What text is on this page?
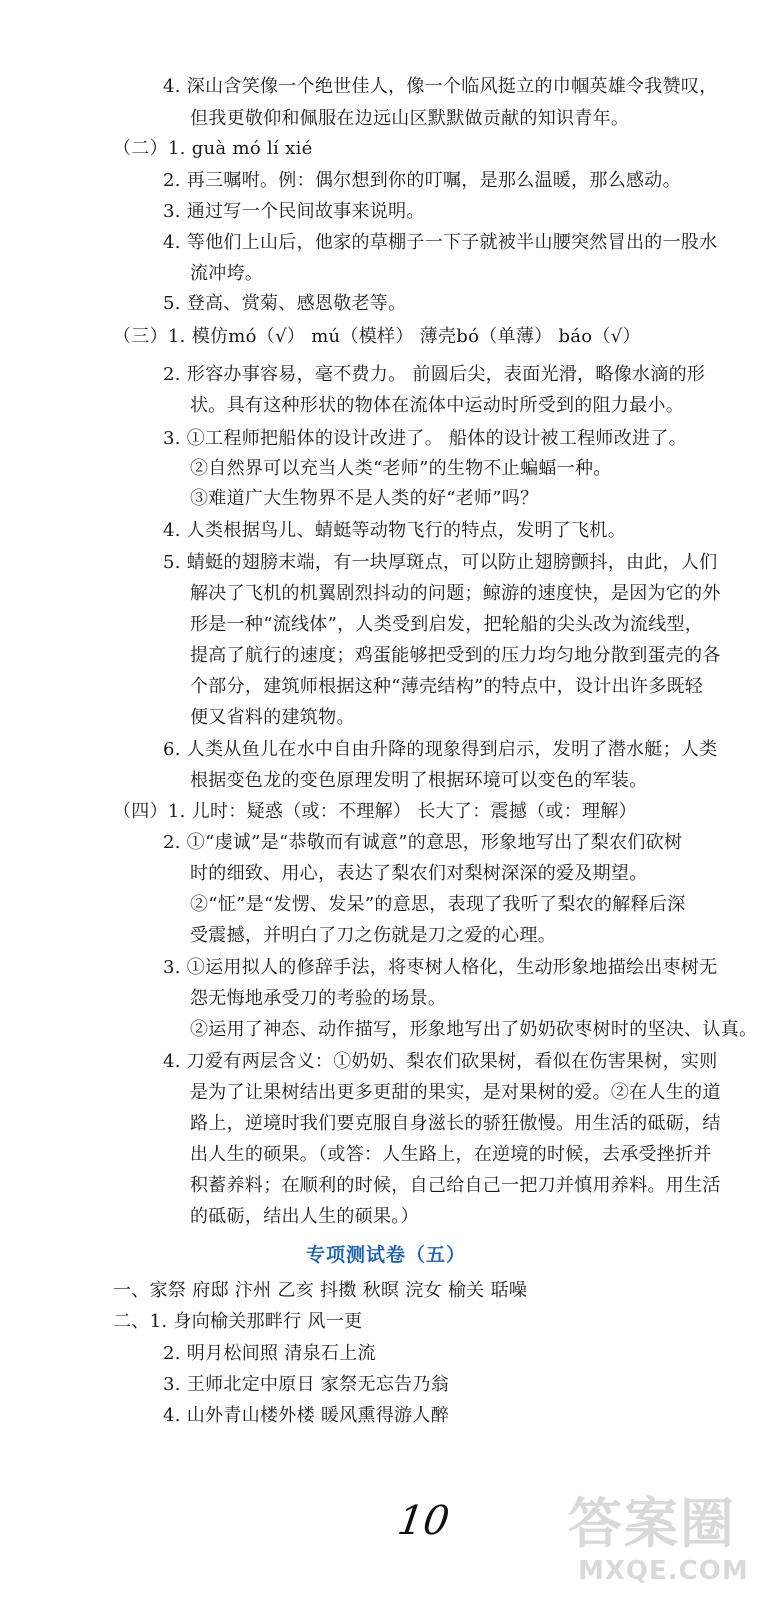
4. 深山含笑像一个绝世佳人，像一个临风挺立的巾帼英雄令我赞叹，
但我更敬仰和佩服在边远山区默默做贡献的知识青年。
（二）1. guà mó lí xié
2. 再三嘱咐。例：偶尔想到你的叮嘱，是那么温暖，那么感动。
3. 通过写一个民间故事来说明。
4. 等他们上山后，他家的草棚子一下子就被半山腰突然冒出的一股水
流冲垮。
5. 登高、赏菊、感恩敬老等。
（三）1. 模仿mó（√） mú（模样） 薄壳bó（单薄） báo（√）
2. 形容办事容易，毫不费力。 前圆后尖，表面光滑，略像水滴的形
状。具有这种形状的物体在流体中运动时所受到的阻力最小。
3. ①工程师把船体的设计改进了。 船体的设计被工程师改进了。
②自然界可以充当人类“老师”的生物不止蝙蝠一种。
③难道广大生物界不是人类的好“老师”吗？
4. 人类根据鸟儿、蜻蜓等动物飞行的特点，发明了飞机。
5. 蜻蜓的翅膀末端，有一块厚斑点，可以防止翅膀颤抖，由此，人们
解决了飞机的机翼剧烈抖动的问题；鲸游的速度快，是因为它的外
形是一种“流线体”，人类受到启发，把轮船的尖头改为流线型，
提高了航行的速度；鸡蛋能够把受到的压力均匀地分散到蛋壳的各
个部分，建筑师根据这种“薄壳结构”的特点中，设计出许多既轻
便又省料的建筑物。
6. 人类从鱼儿在水中自由升降的现象得到启示，发明了潜水艇；人类
根据变色龙的变色原理发明了根据环境可以变色的军装。
（四）1. 儿时：疑惑（或：不理解） 长大了：震撼（或：理解）
2. ①“虔诚”是“恭敬而有诚意”的意思，形象地写出了梨农们砍树
时的细致、用心，表达了梨农们对梨树深深的爱及期望。
②“怔”是“发愣、发呆”的意思，表现了我听了梨农的解释后深
受震撼，并明白了刀之伤就是刀之爱的心理。
3. ①运用拟人的修辞手法，将枣树人格化，生动形象地描绘出枣树无
怨无悔地承受刀的考验的场景。
②运用了神态、动作描写，形象地写出了奶奶砍枣树时的坚决、认真。
4. 刀爱有两层含义：①奶奶、梨农们砍果树，看似在伤害果树，实则
是为了让果树结出更多更甜的果实，是对果树的爱。②在人生的道
路上，逆境时我们要克服自身滋长的骄狂傲慢。用生活的砥砺，结
出人生的硕果。（或答：人生路上，在逆境的时候，去承受挫折并
积蓄养料；在顺利的时候，自己给自己一把刀并慎用养料。用生活
的砥砺，结出人生的硕果。）
专项测试卷（五）
一、家祭 府邸 汴州 乙亥 抖擞 秋暝 浣女 榆关 聒噪
二、1. 身向榆关那畔行 风一更
2. 明月松间照 清泉石上流
3. 王师北定中原日 家祭无忘告乃翁
4. 山外青山楼外楼 暖风熏得游人醉
10 答案圈
MXQE.COM
